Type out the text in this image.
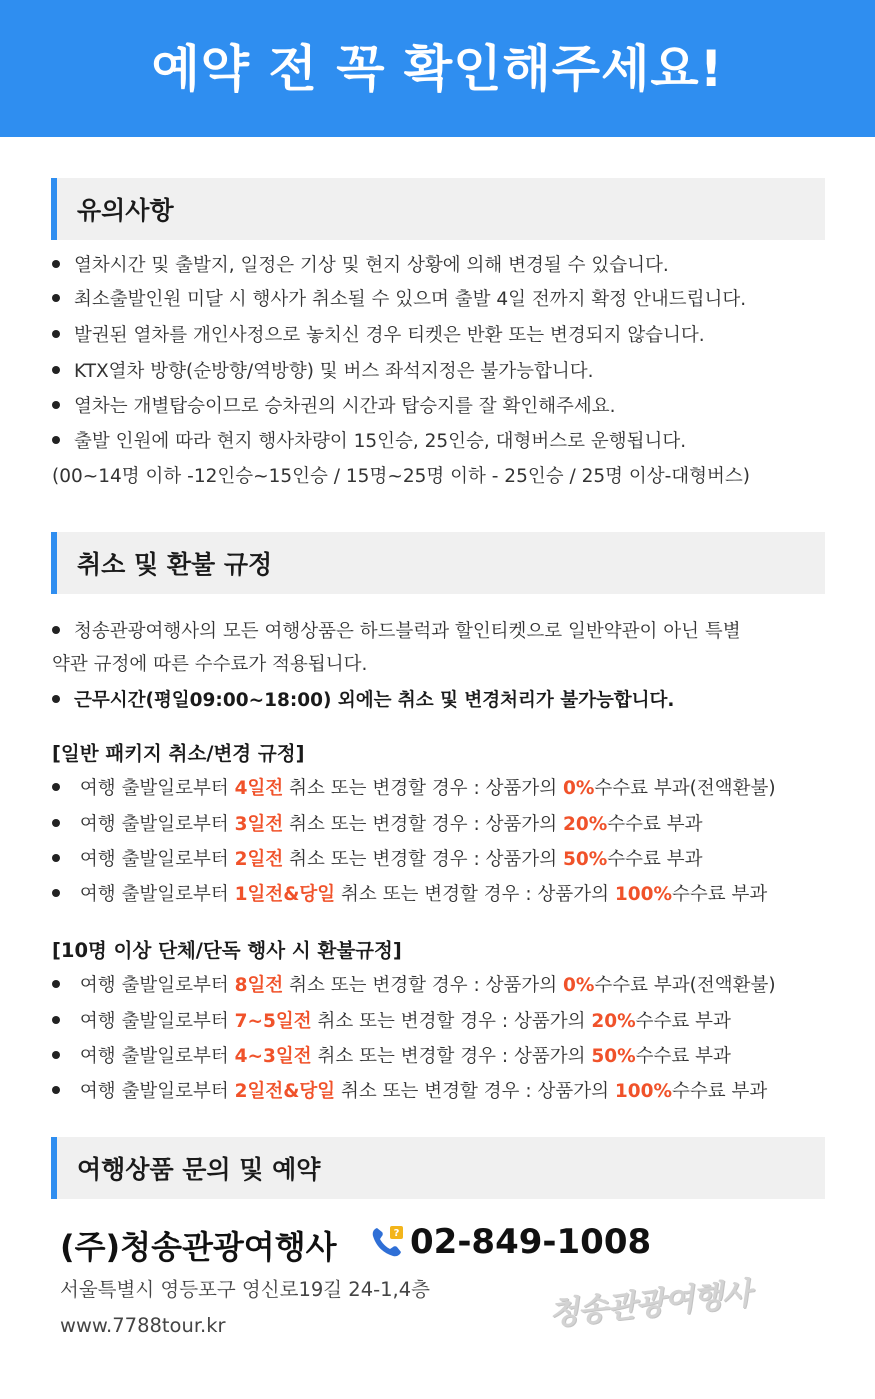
예약 전 꼭 확인해주세요!
유의사항
열차시간 및 출발지, 일정은 기상 및 현지 상황에 의해 변경될 수 있습니다.
최소출발인원 미달 시 행사가 취소될 수 있으며 출발 4일 전까지 확정 안내드립니다.
발권된 열차를 개인사정으로 놓치신 경우 티켓은 반환 또는 변경되지 않습니다.
KTX열차 방향(순방향/역방향) 및 버스 좌석지정은 불가능합니다.
열차는 개별탑승이므로 승차권의 시간과 탑승지를 잘 확인해주세요.
출발 인원에 따라 현지 행사차량이 15인승, 25인승, 대형버스로 운행됩니다.
(00~14명 이하 -12인승~15인승 / 15명~25명 이하 - 25인승 / 25명 이상-대형버스)
취소 및 환불 규정
청송관광여행사의 모든 여행상품은 하드블럭과 할인티켓으로 일반약관이 아닌 특별
약관 규정에 따른 수수료가 적용됩니다.
근무시간(평일09:00~18:00) 외에는 취소 및 변경처리가 불가능합니다.
[일반 패키지 취소/변경 규정]
여행 출발일로부터 4일전 취소 또는 변경할 경우 : 상품가의 0%수수료 부과(전액환불)
여행 출발일로부터 3일전 취소 또는 변경할 경우 : 상품가의 20%수수료 부과
여행 출발일로부터 2일전 취소 또는 변경할 경우 : 상품가의 50%수수료 부과
여행 출발일로부터 1일전&당일 취소 또는 변경할 경우 : 상품가의 100%수수료 부과
[10명 이상 단체/단독 행사 시 환불규정]
여행 출발일로부터 8일전 취소 또는 변경할 경우 : 상품가의 0%수수료 부과(전액환불)
여행 출발일로부터 7~5일전 취소 또는 변경할 경우 : 상품가의 20%수수료 부과
여행 출발일로부터 4~3일전 취소 또는 변경할 경우 : 상품가의 50%수수료 부과
여행 출발일로부터 2일전&당일 취소 또는 변경할 경우 : 상품가의 100%수수료 부과
여행상품 문의 및 예약
(주)청송관광여행사	? 02-849-1008
서울특별시 영등포구 영신로19길 24-1,4층
www.7788tour.kr	청송관광여행사
